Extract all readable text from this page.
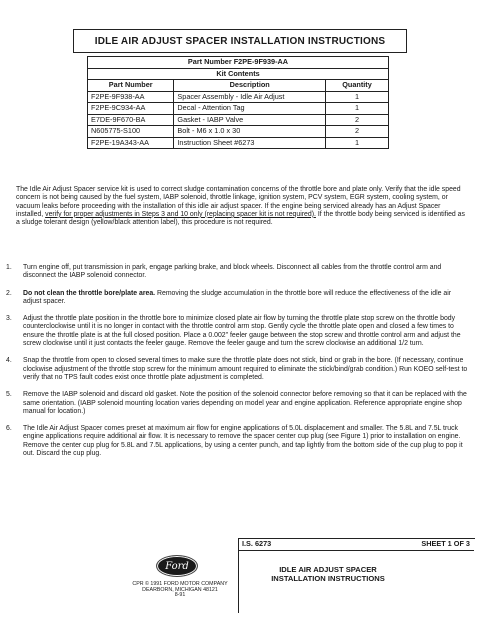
IDLE AIR ADJUST SPACER INSTALLATION INSTRUCTIONS
Part Number F2PE-9F939-AA		
Kit Contents		
Part Number	Description	Quantity
F2PE-9F938-AA	Spacer Assembly - Idle Air Adjust	1
F2PE-9C934-AA	Decal - Attention Tag	1
E7DE-9F670-BA	Gasket - IABP Valve	2
N605775-S100	Bolt - M6 x 1.0 x 30	2
F2PE-19A343-AA	Instruction Sheet #6273	1
The Idle Air Adjust Spacer service kit is used to correct sludge contamination concerns of the throttle bore and plate only. Verify that the idle speed concern is not being caused by the fuel system, IABP solenoid, throttle linkage, ignition system, PCV system, EGR system, cooling system, or vacuum leaks before proceeding with the installation of this idle air adjust spacer. If the engine being serviced already has an Adjust Spacer installed, verify for proper adjustments in Steps 3 and 10 only (replacing spacer kit is not required). If the throttle body being serviced is identified as a sludge tolerant design (yellow/black attention label), this procedure is not required.
1.	Turn engine off, put transmission in park, engage parking brake, and block wheels. Disconnect all cables from the throttle control arm and disconnect the IABP solenoid connector.
2.	Do not clean the throttle bore/plate area. Removing the sludge accumulation in the throttle bore will reduce the effectiveness of the idle air adjust spacer.
3.	Adjust the throttle plate position in the throttle bore to minimize closed plate air flow by turning the throttle plate stop screw on the throttle body counterclockwise until it is no longer in contact with the throttle control arm stop. Gently cycle the throttle plate open and closed a few times to ensure the throttle plate is at the full closed position. Place a 0.002" feeler gauge between the stop screw and throttle control arm and adjust the screw clockwise until it just contacts the feeler gauge. Remove the feeler gauge and turn the screw clockwise an additional 1/2 turn.
4.	Snap the throttle from open to closed several times to make sure the throttle plate does not stick, bind or grab in the bore. (If necessary, continue clockwise adjustment of the throttle stop screw for the minimum amount required to eliminate the stick/bind/grab condition.) Run KOEO self-test to verify that no TPS fault codes exist once throttle plate adjustment is completed.
5.	Remove the IABP solenoid and discard old gasket. Note the position of the solenoid connector before removing so that it can be replaced with the same orientation. (IABP solenoid mounting location varies depending on model year and engine application. Reference appropriate engine shop manual for location.)
6.	The Idle Air Adjust Spacer comes preset at maximum air flow for engine applications of 5.0L displacement and smaller. The 5.8L and 7.5L truck engine applications require additional air flow. It is necessary to remove the spacer center cup plug (see Figure 1) prior to installation on engine. Remove the center cup plug for 5.8L and 7.5L applications, by using a center punch, and tap lightly from the bottom side of the cup plug to pop it out. Discard the cup plug.
Ford
CPR © 1991 FORD MOTOR COMPANY
DEARBORN, MICHIGAN 48121
8-91
I.S. 6273	SHEET 1 OF 3
IDLE AIR ADJUST SPACER
INSTALLATION INSTRUCTIONS
